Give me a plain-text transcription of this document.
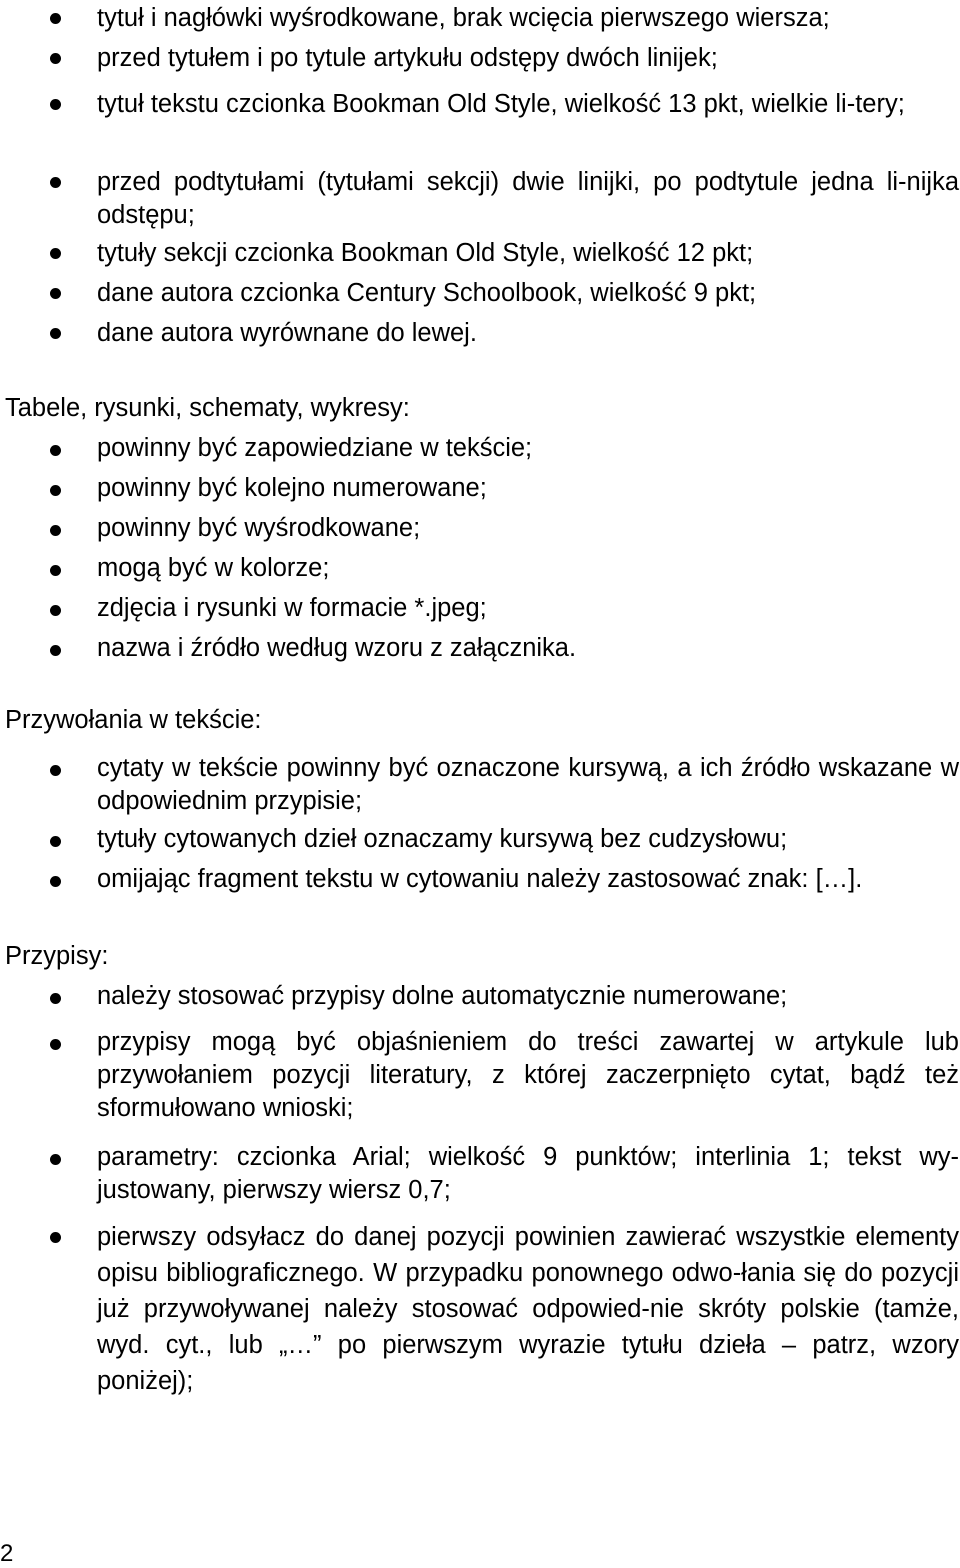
tytuł i nagłówki wyśrodkowane, brak wcięcia pierwszego wiersza;
przed tytułem i po tytule artykułu odstępy dwóch linijek;
tytuł tekstu czcionka Bookman Old Style, wielkość 13 pkt, wielkie li-tery;
przed podtytułami (tytułami sekcji) dwie linijki, po podtytule jedna li-nijka odstępu;
tytuły sekcji czcionka Bookman Old Style, wielkość 12 pkt;
dane autora czcionka Century Schoolbook, wielkość 9 pkt;
dane autora wyrównane do lewej.
Tabele, rysunki, schematy, wykresy:
powinny być zapowiedziane w tekście;
powinny być kolejno numerowane;
powinny być wyśrodkowane;
mogą być w kolorze;
zdjęcia i rysunki w formacie *.jpeg;
nazwa i źródło według wzoru z załącznika.
Przywołania w tekście:
cytaty w tekście powinny być oznaczone kursywą, a ich źródło wskazane w odpowiednim przypisie;
tytuły cytowanych dzieł oznaczamy kursywą bez cudzysłowu;
omijając fragment tekstu w cytowaniu należy zastosować znak: […].
Przypisy:
należy stosować przypisy dolne automatycznie numerowane;
przypisy mogą być objaśnieniem do treści zawartej w artykule lub przywołaniem pozycji literatury, z której zaczerpnięto cytat, bądź też sformułowano wnioski;
parametry: czcionka Arial; wielkość 9 punktów; interlinia 1; tekst wy-justowany, pierwszy wiersz 0,7;
pierwszy odsyłacz do danej pozycji powinien zawierać wszystkie elementy opisu bibliograficznego. W przypadku ponownego odwo-łania się do pozycji już przywoływanej należy stosować odpowied-nie skróty polskie (tamże, wyd. cyt., lub „…” po pierwszym wyrazie tytułu dzieła – patrz, wzory poniżej);
2
